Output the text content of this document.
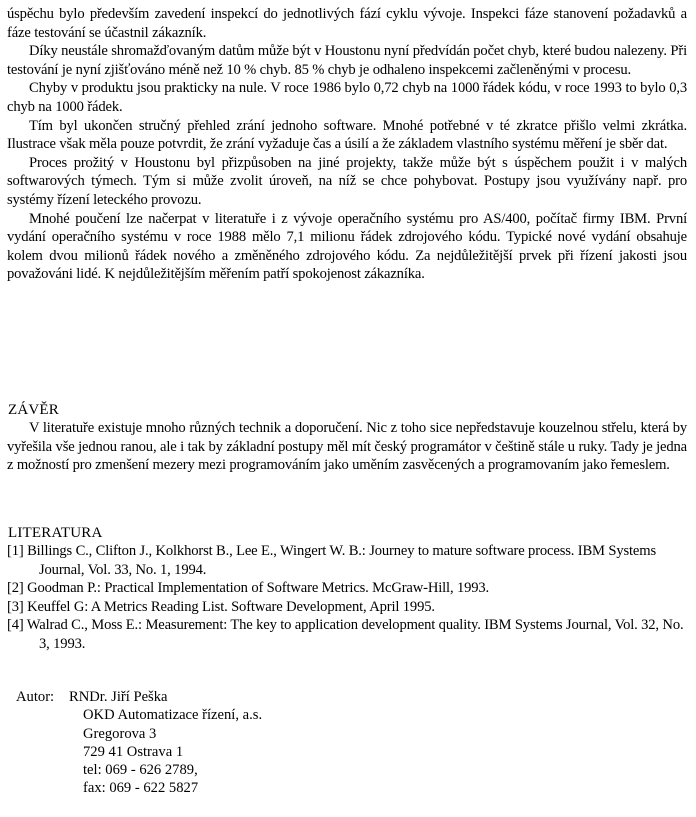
úspěchu bylo především zavedení inspekcí do jednotlivých fází cyklu vývoje. Inspekci fáze stanovení požadavků a fáze testování se účastnil zákazník.

Díky neustále shromažďovaným datům může být v Houstonu nyní předvídán počet chyb, které budou nalezeny. Při testování je nyní zjišťováno méně než 10 % chyb. 85 % chyb je odhaleno inspekcemi začleněnými v procesu.

Chyby v produktu jsou prakticky na nule. V roce 1986 bylo 0,72 chyb na 1000 řádek kódu, v roce 1993 to bylo 0,3 chyb na 1000 řádek.

Tím byl ukončen stručný přehled zrání jednoho software. Mnohé potřebné v té zkratce přišlo velmi zkrátka. Ilustrace však měla pouze potvrdit, že zrání vyžaduje čas a úsilí a že základem vlastního systému měření je sběr dat.

Proces prožitý v Houstonu byl přizpůsoben na jiné projekty, takže může být s úspěchem použit i v malých softwarových týmech. Tým si může zvolit úroveň, na níž se chce pohybovat. Postupy jsou využívány např. pro systémy řízení leteckého provozu.

Mnohé poučení lze načerpat v literatuře i z vývoje operačního systému pro AS/400, počítač firmy IBM. První vydání operačního systému v roce 1988 mělo 7,1 milionu řádek zdrojového kódu. Typické nové vydání obsahuje kolem dvou milionů řádek nového a změněného zdrojového kódu. Za nejdůležitější prvek při řízení jakosti jsou považováni lidé. K nejdůležitějším měřením patří spokojenost zákazníka.

ZÁVĚR

V literatuře existuje mnoho různých technik a doporučení. Nic z toho sice nepředstavuje kouzelnou střelu, která by vyřešila vše jednou ranou, ale i tak by základní postupy měl mít český programátor v češtině stále u ruky. Tady je jedna z možností pro zmenšení mezery mezi programováním jako uměním zasvěcených a programovaním jako řemeslem.

LITERATURA
[1] Billings C., Clifton J., Kolkhorst B., Lee E., Wingert W. B.: Journey to mature software process. IBM Systems Journal, Vol. 33, No. 1, 1994.
[2] Goodman P.: Practical Implementation of Software Metrics. McGraw-Hill, 1993.
[3] Keuffel G: A Metrics Reading List. Software Development, April 1995.
[4] Walrad C., Moss E.: Measurement: The key to application development quality. IBM Systems Journal, Vol. 32, No. 3, 1993.
Autor: RNDr. Jiří Peška
OKD Automatizace řízení, a.s.
Gregorova 3
729 41 Ostrava 1
tel: 069 - 626 2789,
fax: 069 - 622 5827
